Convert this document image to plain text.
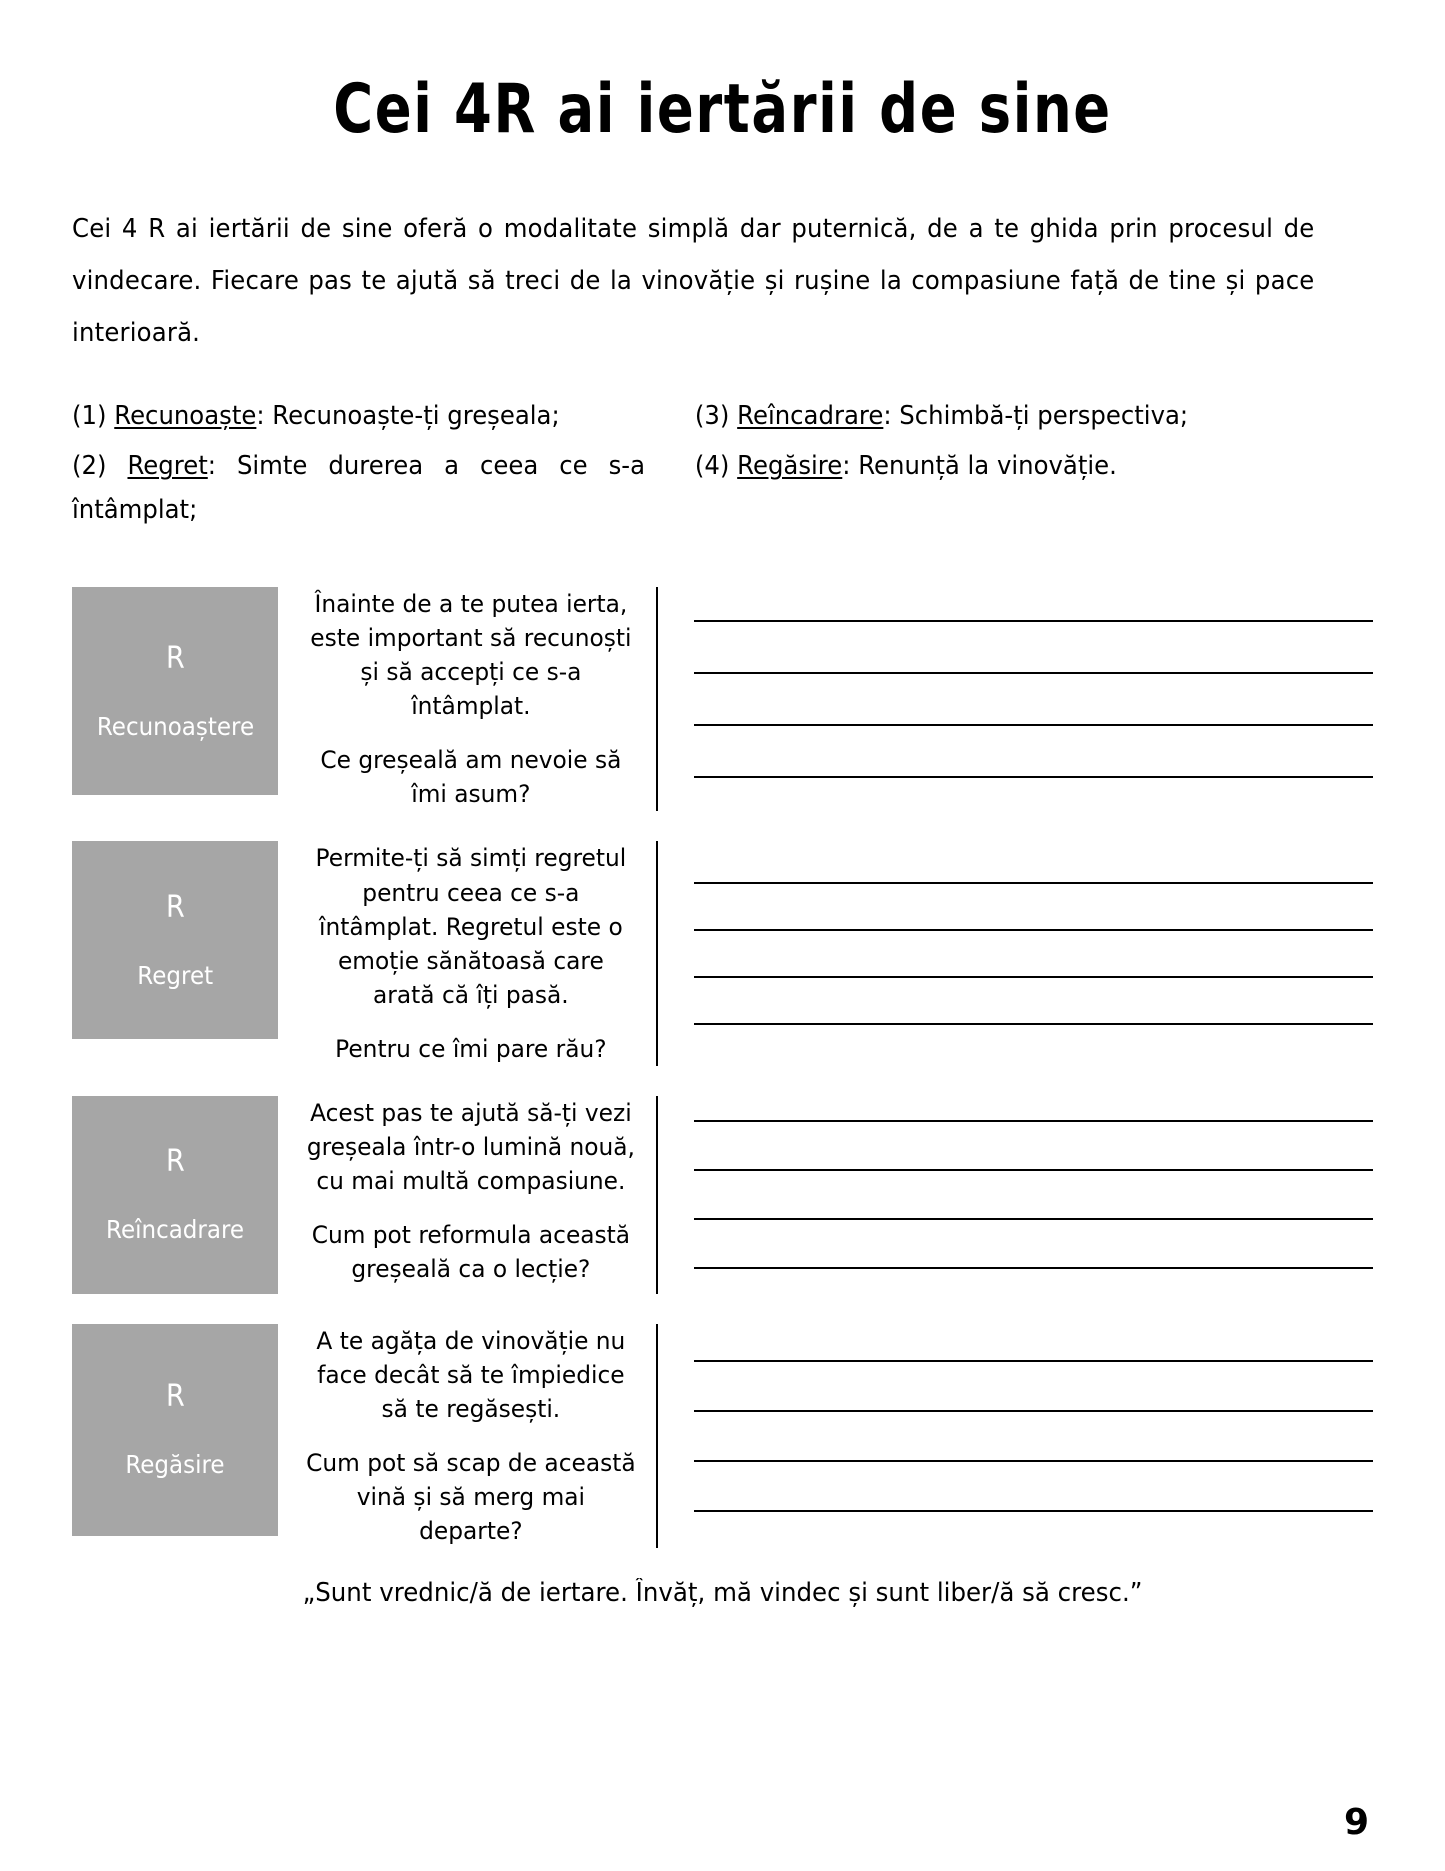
Cei 4R ai iertării de sine

Cei 4 R ai iertării de sine oferă o modalitate simplă dar puternică, de a te ghida prin procesul de vindecare. Fiecare pas te ajută să treci de la vinovăție și rușine la compasiune față de tine și pace interioară.

(1) Recunoaște: Recunoaște-ți greșeala;

(2) Regret: Simte durerea a ceea ce s-a întâmplat;

(3) Reîncadrare: Schimbă-ți perspectiva;

(4) Regăsire: Renunță la vinovăție.

R
Recunoaștere

Înainte de a te putea ierta, este important să recunoști și să accepți ce s-a întâmplat.

Ce greșeală am nevoie să îmi asum?

R
Regret

Permite-ți să simți regretul pentru ceea ce s-a întâmplat. Regretul este o emoție sănătoasă care arată că îți pasă.

Pentru ce îmi pare rău?

R
Reîncadrare

Acest pas te ajută să-ți vezi greșeala într-o lumină nouă, cu mai multă compasiune.

Cum pot reformula această greșeală ca o lecție?

R
Regăsire

A te agăța de vinovăție nu face decât să te împiedice să te regăsești.

Cum pot să scap de această vină și să merg mai departe?

„Sunt vrednic/ă de iertare. Învăț, mă vindec și sunt liber/ă să cresc.”
9
